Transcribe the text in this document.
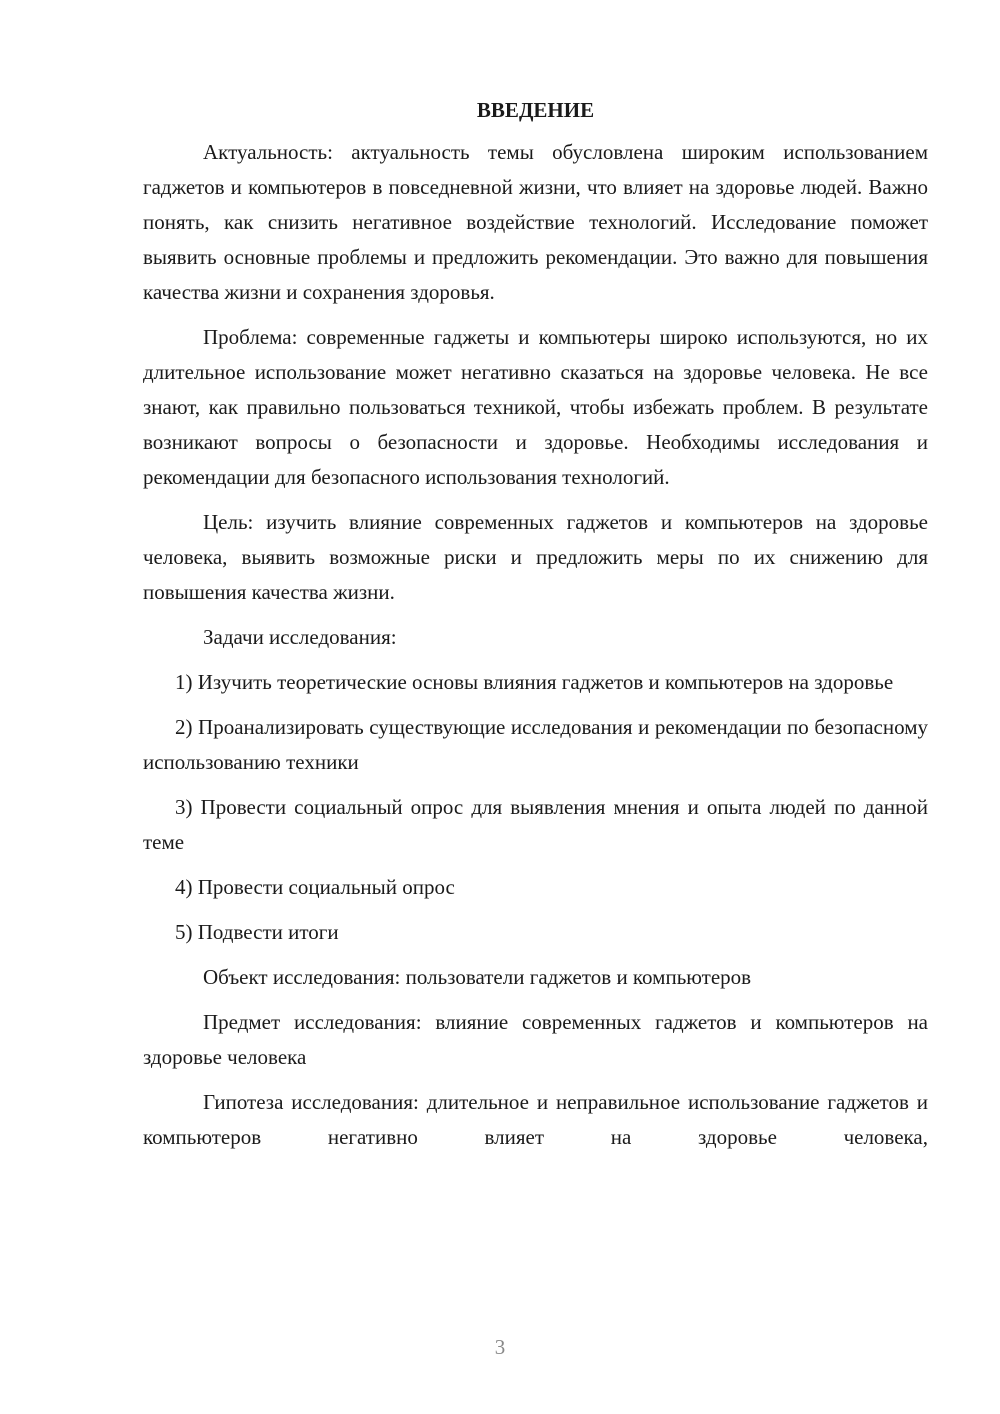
ВВЕДЕНИЕ

Актуальность: актуальность темы обусловлена широким использованием гаджетов и компьютеров в повседневной жизни, что влияет на здоровье людей. Важно понять, как снизить негативное воздействие технологий. Исследование поможет выявить основные проблемы и предложить рекомендации. Это важно для повышения качества жизни и сохранения здоровья.

Проблема: современные гаджеты и компьютеры широко используются, но их длительное использование может негативно сказаться на здоровье человека. Не все знают, как правильно пользоваться техникой, чтобы избежать проблем. В результате возникают вопросы о безопасности и здоровье. Необходимы исследования и рекомендации для безопасного использования технологий.

Цель: изучить влияние современных гаджетов и компьютеров на здоровье человека, выявить возможные риски и предложить меры по их снижению для повышения качества жизни.

Задачи исследования:

1) Изучить теоретические основы влияния гаджетов и компьютеров на здоровье

2) Проанализировать существующие исследования и рекомендации по безопасному использованию техники

3) Провести социальный опрос для выявления мнения и опыта людей по данной теме

4) Провести социальный опрос

5) Подвести итоги

Объект исследования: пользователи гаджетов и компьютеров

Предмет исследования: влияние современных гаджетов и компьютеров на здоровье человека

Гипотеза исследования: длительное и неправильное использование гаджетов и компьютеров негативно влияет на здоровье человека,

3
